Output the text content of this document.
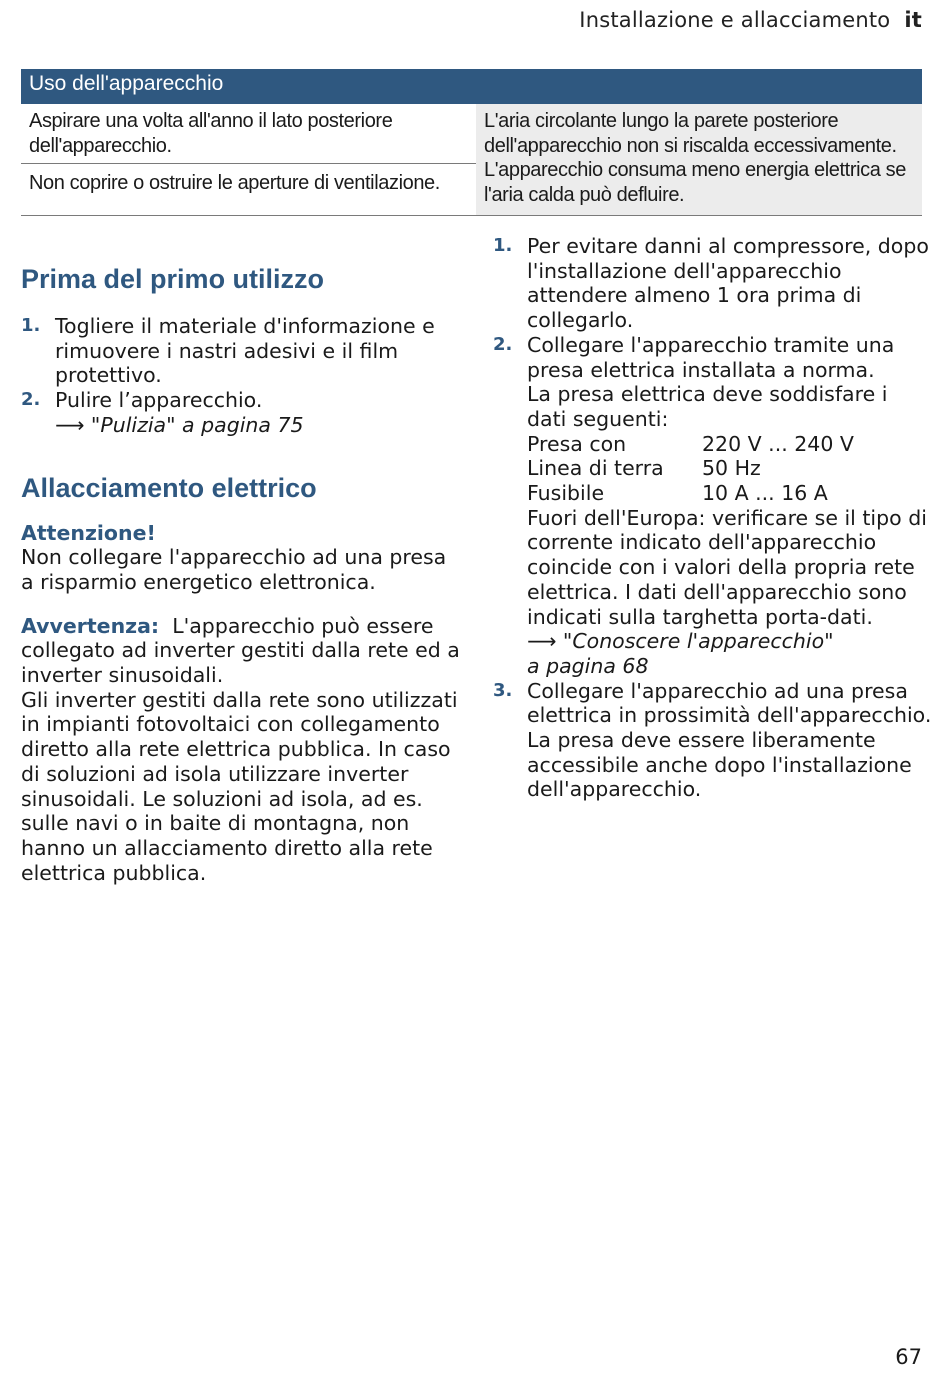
Installazione e allacciamento it
Uso dell'apparecchio
Aspirare una volta all'anno il lato posteriore dell'apparecchio.
Non coprire o ostruire le aperture di ventilazione.
L'aria circolante lungo la parete posteriore dell'apparecchio non si riscalda eccessivamente. L'apparecchio consuma meno energia elettrica se l'aria calda può defluire.
Prima del primo utilizzo
1. Togliere il materiale d'informazione e rimuovere i nastri adesivi e il film protettivo.
2. Pulire l’apparecchio.
⟶ "Pulizia" a pagina 75
Allacciamento elettrico
Attenzione!
Non collegare l'apparecchio ad una presa a risparmio energetico elettronica.
Avvertenza: L'apparecchio può essere collegato ad inverter gestiti dalla rete ed a inverter sinusoidali.
Gli inverter gestiti dalla rete sono utilizzati in impianti fotovoltaici con collegamento diretto alla rete elettrica pubblica. In caso di soluzioni ad isola utilizzare inverter sinusoidali. Le soluzioni ad isola, ad es. sulle navi o in baite di montagna, non hanno un allacciamento diretto alla rete elettrica pubblica.
1. Per evitare danni al compressore, dopo l'installazione dell'apparecchio attendere almeno 1 ora prima di collegarlo.
2. Collegare l'apparecchio tramite una presa elettrica installata a norma.
La presa elettrica deve soddisfare i dati seguenti:
Presa con	220 V ... 240 V
Linea di terra	50 Hz
Fusibile	10 A ... 16 A
Fuori dell'Europa: verificare se il tipo di corrente indicato dell'apparecchio coincide con i valori della propria rete elettrica. I dati dell'apparecchio sono indicati sulla targhetta porta-dati.
⟶ "Conoscere l'apparecchio"
a pagina 68
3. Collegare l'apparecchio ad una presa elettrica in prossimità dell'apparecchio.
La presa deve essere liberamente accessibile anche dopo l'installazione dell'apparecchio.
67
